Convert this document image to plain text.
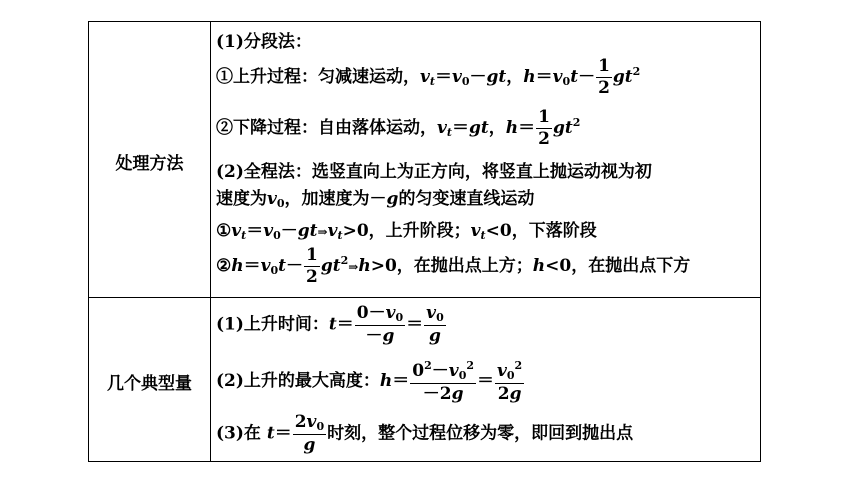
处理方法
(1)分段法：
①上升过程：匀减速运动，$v_t=v_0-gt$，$h=v_0t- \frac{1}{2} gt^2$
②下降过程：自由落体运动，$v_t=gt$，$h= \frac{1}{2} gt^2$
(2)全程法：选竖直向上为正方向，将竖直上抛运动视为初
速度为$v_0$，加速度为－g的匀变速直线运动
$①v_t=v_0-gt\Rightarrow v_t>0$，上升阶段；$v_t<0$，下落阶段
$②h=v_0t- \frac{1}{2}$ $gt^2\Rightarrow h>0$，在抛出点上方；h<0，在抛出点下方
几个典型量
(1)上升时间：$t= \frac{0-v_0}{-g} = \frac{v_0}{g}$
(2)上升的最大高度：$h= \frac{0^2-v_0^2}{-2g} = \frac{v_0^2}{2g}$
(3)在 $t= \frac{2v_0}{g}$ 时刻，整个过程位移为零，即回到抛出点
